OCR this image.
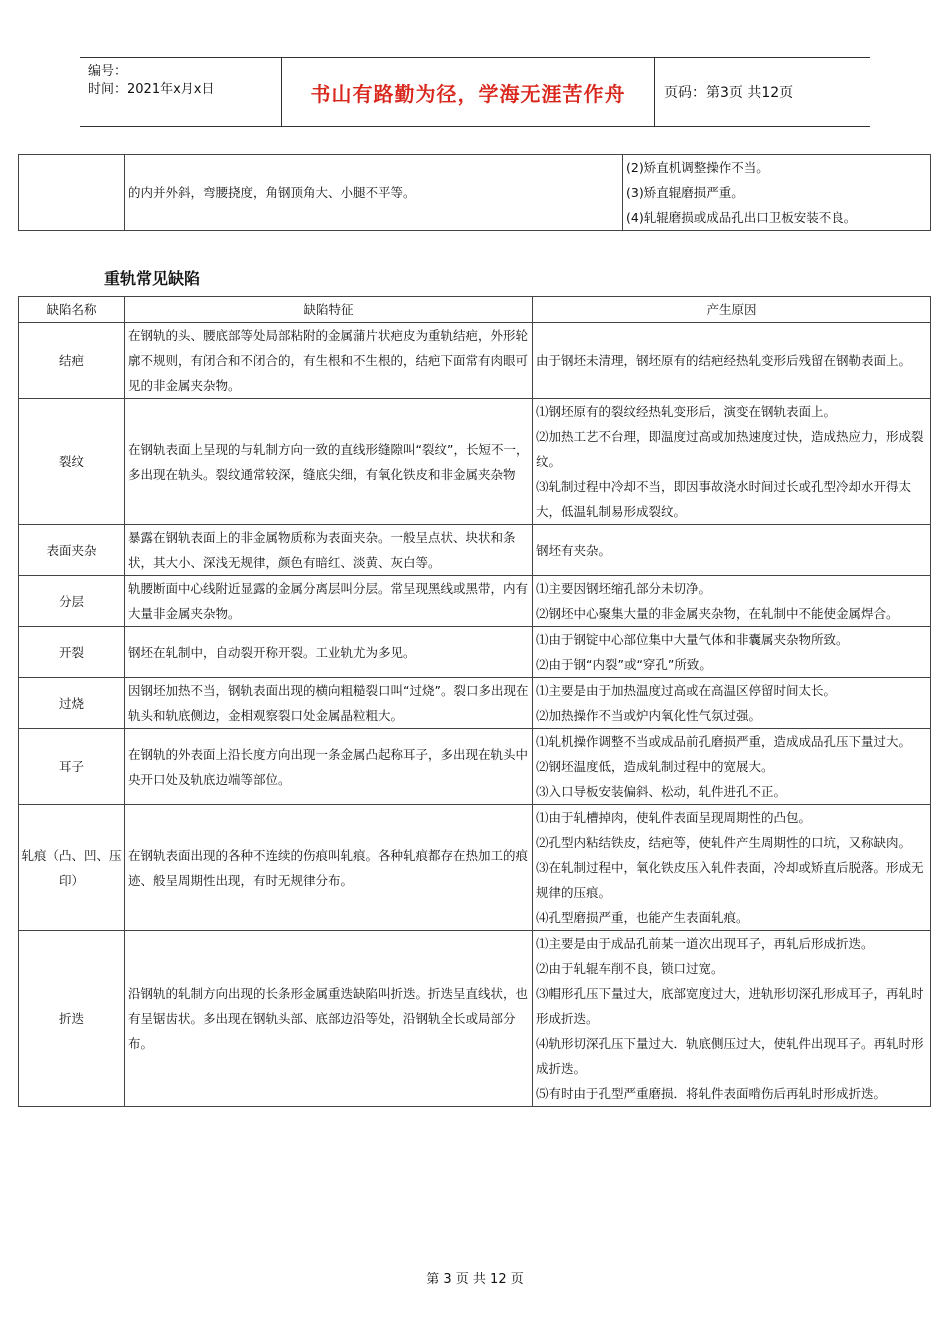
编号：
时间：2021年x月x日	书山有路勤为径，学海无涯苦作舟	页码：第3页 共12页
	的内并外斜，弯腰挠度，角钢顶角大、小腿不平等。	
(2)矫直机调整操作不当。
(3)矫直辊磨损严重。
(4)轧辊磨损或成品孔出口卫板安装不良。
重轨常见缺陷
缺陷名称	缺陷特征	产生原因
结疤	在钢轨的头、腰底部等处局部粘附的金属蒲片状疤皮为重轨结疤，外形轮廓不规则，有闭合和不闭合的，有生根和不生根的，结疤下面常有肉眼可见的非金属夹杂物。	由于钢坯未清理，钢坯原有的结疤经热轧变形后残留在钢勒表面上。

裂纹	在钢轨表面上呈现的与轧制方向一致的直线形缝隙叫“裂纹”，长短不一，多出现在轨头。裂纹通常较深，缝底尖细，有氧化铁皮和非金属夹杂物	⑴钢坯原有的裂纹经热轧变形后，演变在钢轨表面上。
⑵加热工艺不台理，即温度过高或加热速度过快，造成热应力，形成裂纹。
⑶轧制过程中冷却不当，即因事故浇水时间过长或孔型冷却水开得太大，低温轧制易形成裂纹。

表面夹杂	暴露在钢轨表面上的非金属物质称为表面夹杂。一般呈点状、块状和条状，其大小、深浅无规律，颜色有暗红、淡黄、灰白等。	钢坯有夹杂。

分层	轨腰断面中心线附近显露的金属分离层叫分层。常呈现黑线或黑带，内有大量非金属夹杂物。	⑴主要因钢坯缩孔部分未切净。
⑵钢坯中心聚集大量的非金属夹杂物，在轧制中不能使金属焊合。

开裂	钢坯在轧制中，自动裂开称开裂。工业轨尤为多见。	⑴由于钢锭中心部位集中大量气体和非囊属夹杂物所致。
⑵由于钢“内裂”或“穿孔”所致。

过烧	因钢坯加热不当，钢轨表面出现的横向粗糙裂口叫“过烧”。裂口多出现在轨头和轨底侧边，金相观察裂口处金属晶粒粗大。	⑴主要是由于加热温度过高或在高温区停留时间太长。
⑵加热操作不当或炉内氧化性气氛过强。

耳子	在钢轨的外表面上沿长度方向出现一条金属凸起称耳子，多出现在轨头中央开口处及轨底边端等部位。	⑴轧机操作调整不当或成品前孔磨损严重，造成成品孔压下量过大。
⑵钢坯温度低，造成轧制过程中的宽展大。
⑶入口导板安装偏斜、松动，轧件进孔不正。

轧痕（凸、凹、压印）	在钢轨表面出现的各种不连续的伤痕叫轧痕。各种轧痕都存在热加工的痕迹、般呈周期性出现，有时无规律分布。	⑴由于轧槽掉肉，使轧件表面呈现周期性的凸包。
⑵孔型内粘结铁皮，结疤等，使轧件产生周期性的口坑，又称缺肉。
⑶在轧制过程中，氧化铁皮压入轧件表面，冷却或矫直后脱落。形成无规律的压痕。
⑷孔型磨损严重，也能产生表面轧痕。

折迭	沿钢轨的轧制方向出现的长条形金属重迭缺陷叫折迭。折迭呈直线状，也有呈锯齿状。多出现在钢轨头部、底部边沿等处，沿钢轨全长或局部分布。	⑴主要是由于成品孔前某一道次出现耳子，再轧后形成折迭。
⑵由于轧辊车削不良，锁口过宽。
⑶帽形孔压下量过大，底部宽度过大，进轨形切深孔形成耳子，再轧时形成折迭。
⑷轨形切深孔压下量过大．轨底侧压过大，使轧件出现耳子。再轧时形成折迭。
⑸有时由于孔型严重磨损．将轧件表面啃伤后再轧时形成折迭。
第 3 页 共 12 页
